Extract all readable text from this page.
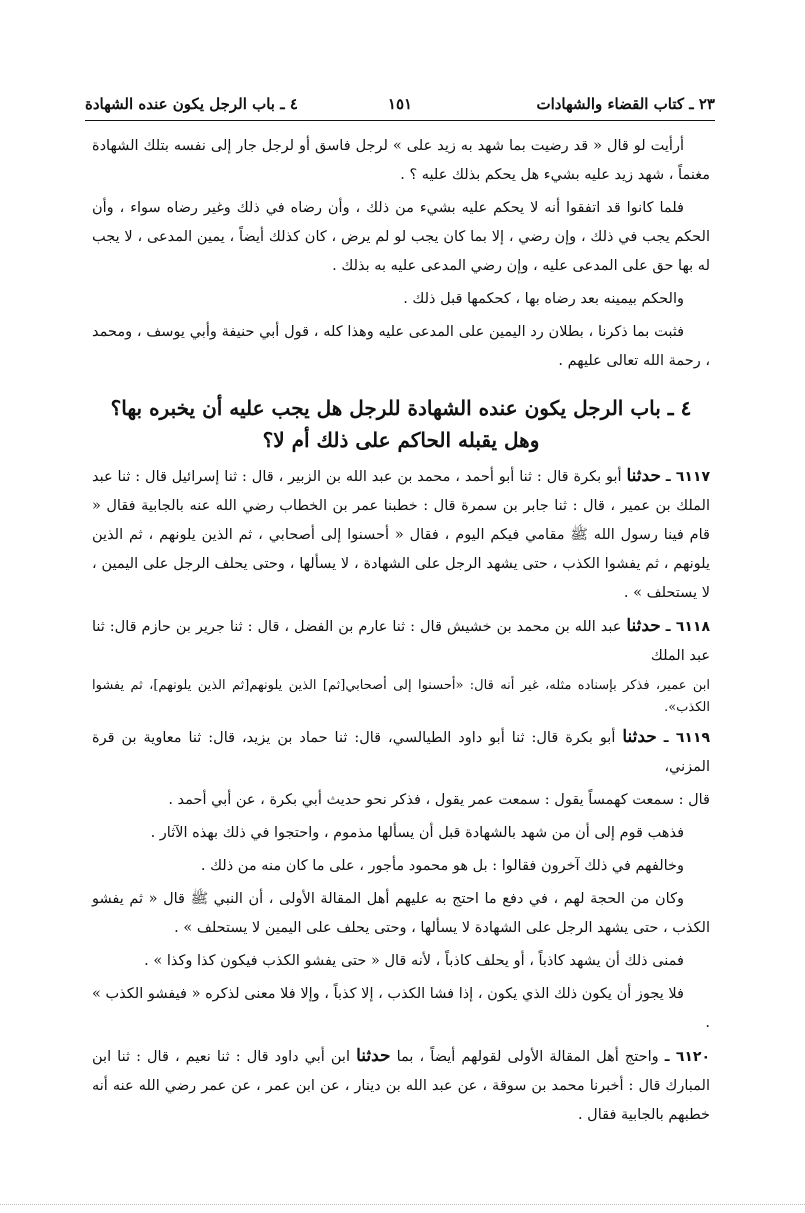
٢٣ ـ كتاب القضاء والشهادات
١٥١
٤ ـ باب الرجل يكون عنده الشهادة

أرأيت لو قال « قد رضيت بما شهد به زيد على » لرجل فاسق أو لرجل جار إلى نفسه بتلك الشهادة مغنماً ، شهد زيد عليه بشيء هل يحكم بذلك عليه ؟ .

فلما كانوا قد اتفقوا أنه لا يحكم عليه بشيء من ذلك ، وأن رضاه في ذلك وغير رضاه سواء ، وأن الحكم يجب في ذلك ، وإن رضي ، إلا بما كان يجب لو لم يرض ، كان كذلك أيضاً ، يمين المدعى ، لا يجب له بها حق على المدعى عليه ، وإن رضي المدعى عليه به بذلك .

والحكم بيمينه بعد رضاه بها ، كحكمها قبل ذلك .

فثبت بما ذكرنا ، بطلان رد اليمين على المدعى عليه وهذا كله ، قول أبي حنيفة وأبي يوسف ، ومحمد ، رحمة الله تعالى عليهم .

٤ ـ باب الرجل يكون عنده الشهادة للرجل هل يجب عليه أن يخبره بها؟
وهل يقبله الحاكم على ذلك أم لا؟

٦١١٧ ـ حدثنا أبو بكرة قال : ثنا أبو أحمد ، محمد بن عبد الله بن الزبير ، قال : ثنا إسرائيل قال : ثنا عبد الملك بن عمير ، قال : ثنا جابر بن سمرة قال : خطبنا عمر بن الخطاب رضي الله عنه بالجابية فقال « قام فينا رسول الله ﷺ مقامي فيكم اليوم ، فقال « أحسنوا إلى أصحابي ، ثم الذين يلونهم ، ثم الذين يلونهم ، ثم يفشوا الكذب ، حتى يشهد الرجل على الشهادة ، لا يسألها ، وحتى يحلف الرجل على اليمين ، لا يستحلف » .

٦١١٨ ـ حدثنا عبد الله بن محمد بن خشيش قال : ثنا عارم بن الفضل ، قال : ثنا جرير بن حازم قال: ثنا عبد الملك

ابن عمير، فذكر بإسناده مثله، غير أنه قال: «أحسنوا إلى أصحابي[ثم] الذين يلونهم[ثم الذين يلونهم]، ثم يفشوا الكذب».

٦١١٩ ـ حدثنا أبو بكرة قال: ثنا أبو داود الطيالسي، قال: ثنا حماد بن يزيد، قال: ثنا معاوية بن قرة المزني،

قال : سمعت كهمساً يقول : سمعت عمر يقول ، فذكر نحو حديث أبي بكرة ، عن أبي أحمد .

فذهب قوم إلى أن من شهد بالشهادة قبل أن يسألها مذموم ، واحتجوا في ذلك بهذه الآثار .

وخالفهم في ذلك آخرون فقالوا : بل هو محمود مأجور ، على ما كان منه من ذلك .

وكان من الحجة لهم ، في دفع ما احتج به عليهم أهل المقالة الأولى ، أن النبي ﷺ قال « ثم يفشو الكذب ، حتى يشهد الرجل على الشهادة لا يسألها ، وحتى يحلف على اليمين لا يستحلف » .

فمنى ذلك أن يشهد كاذباً ، أو يحلف كاذباً ، لأنه قال « حتى يفشو الكذب فيكون كذا وكذا » .

فلا يجوز أن يكون ذلك الذي يكون ، إذا فشا الكذب ، إلا كذباً ، وإلا فلا معنى لذكره « فيفشو الكذب » .

٦١٢٠ ـ واحتج أهل المقالة الأولى لقولهم أيضاً ، بما حدثنا ابن أبي داود قال : ثنا نعيم ، قال : ثنا ابن المبارك قال : أخبرنا محمد بن سوقة ، عن عبد الله بن دينار ، عن ابن عمر ، عن عمر رضي الله عنه أنه خطبهم بالجابية فقال .
